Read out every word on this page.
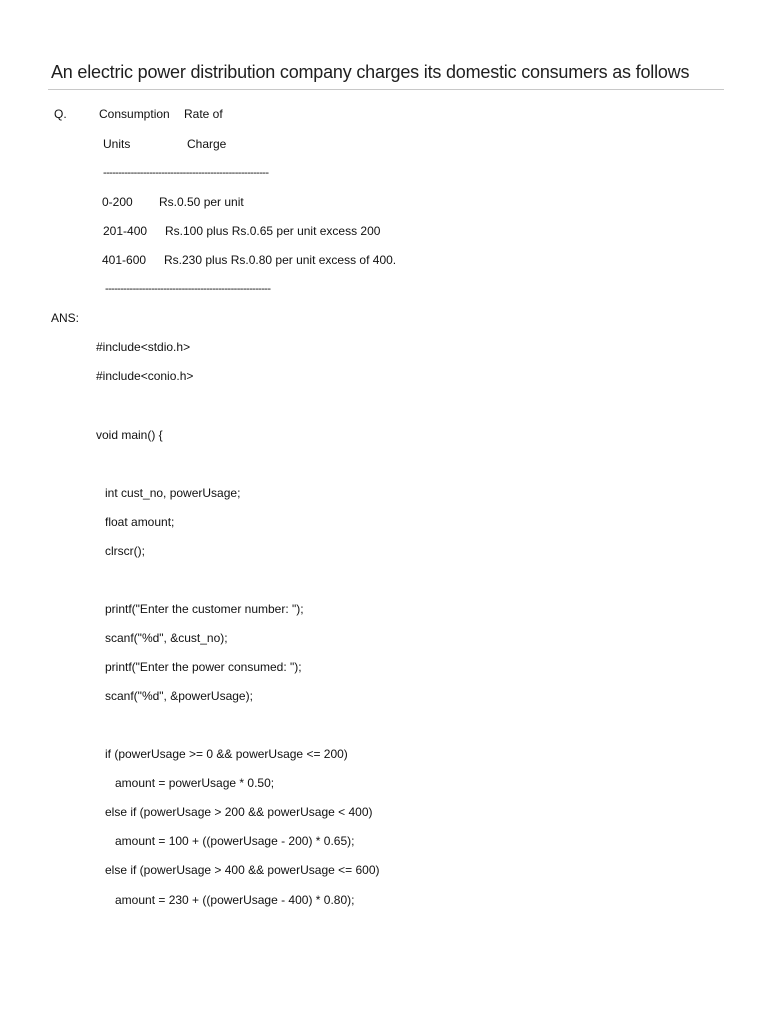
An electric power distribution company charges its domestic consumers as follows
Q.	Consumption Rate of
Units	Charge
------------------------------------------------------
0-200 Rs.0.50 per unit
201-400 Rs.100 plus Rs.0.65 per unit excess 200
401-600 Rs.230 plus Rs.0.80 per unit excess of 400.
------------------------------------------------------
ANS:
#include<stdio.h>
#include<conio.h>
void main() {
int cust_no, powerUsage;
float amount;
clrscr();
printf("Enter the customer number: ");
scanf("%d", &cust_no);
printf("Enter the power consumed: ");
scanf("%d", &powerUsage);
if (powerUsage >= 0 && powerUsage <= 200)
amount = powerUsage * 0.50;
else if (powerUsage > 200 && powerUsage < 400)
amount = 100 + ((powerUsage - 200) * 0.65);
else if (powerUsage > 400 && powerUsage <= 600)
amount = 230 + ((powerUsage - 400) * 0.80);
